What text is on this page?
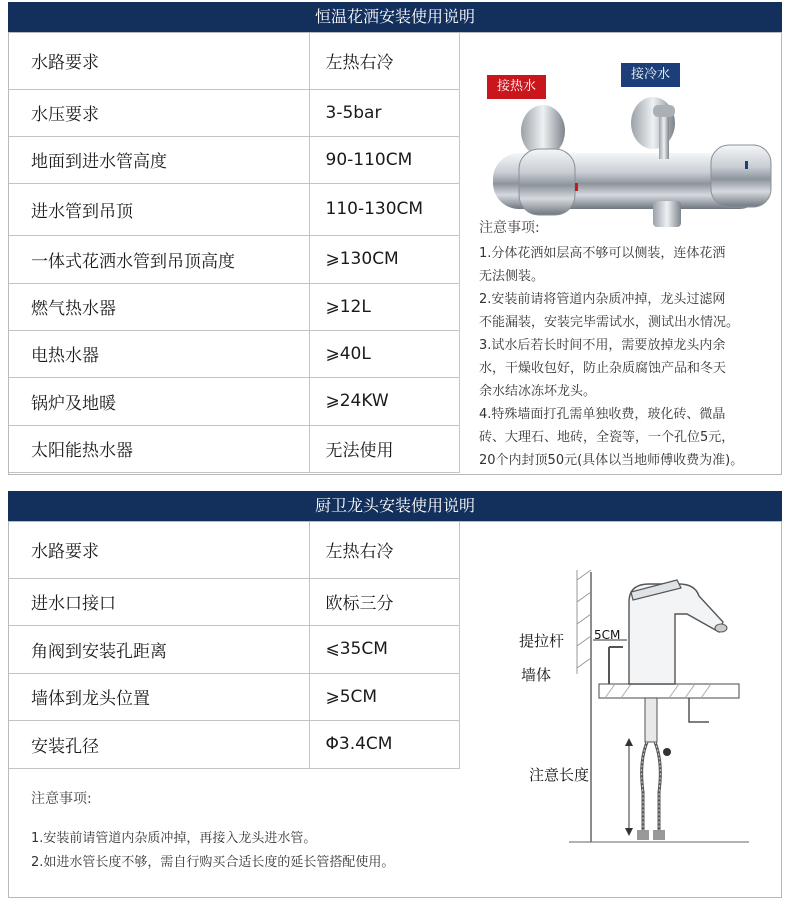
恒温花洒安装使用说明
水路要求	左热右冷
水压要求	3-5bar
地面到进水管高度	90-110CM
进水管到吊顶	110-130CM
一体式花洒水管到吊顶高度	⩾130CM
燃气热水器	⩾12L
电热水器	⩾40L
锅炉及地暖	⩾24KW
太阳能热水器	无法使用
接热水
接冷水
注意事项:
1.分体花洒如层高不够可以侧装，连体花洒
无法侧装。
2.安装前请将管道内杂质冲掉，龙头过滤网
不能漏装，安装完毕需试水，测试出水情况。
3.试水后若长时间不用，需要放掉龙头内余
水，干燥收包好，防止杂质腐蚀产品和冬天
余水结冰冻坏龙头。
4.特殊墙面打孔需单独收费，玻化砖、微晶
砖、大理石、地砖，全瓷等，一个孔位5元，
20个内封顶50元(具体以当地师傅收费为准)。
厨卫龙头安装使用说明
水路要求	左热右冷
进水口接口	欧标三分
角阀到安装孔距离	⩽35CM
墙体到龙头位置	⩾5CM
安装孔径	Φ3.4CM
注意事项:
1.安装前请管道内杂质冲掉，再接入龙头进水管。
2.如进水管长度不够，需自行购买合适长度的延长管搭配使用。
提拉杆 5CM
墙体
注意长度
